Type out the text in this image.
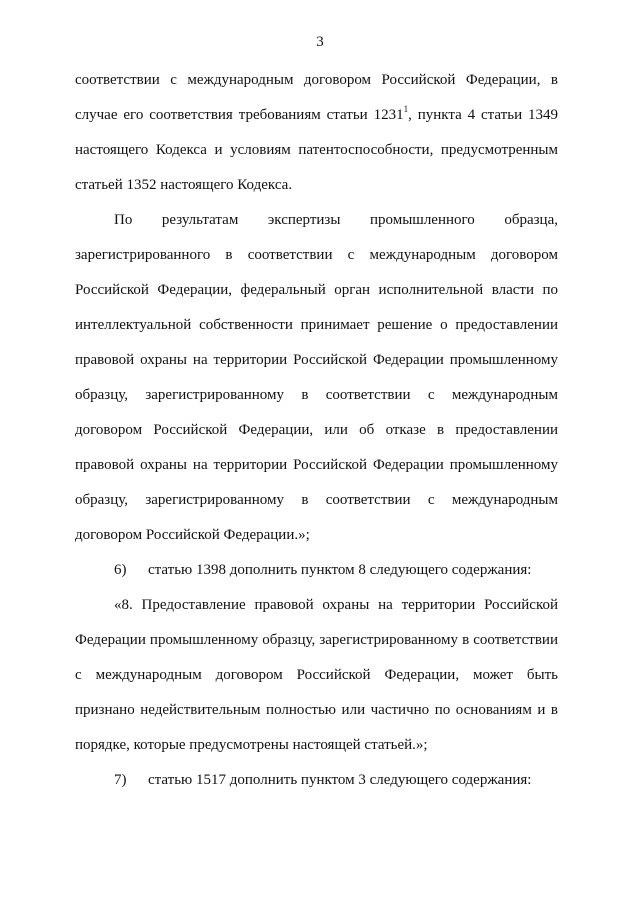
3
соответствии с международным договором Российской Федерации, в
случае его соответствия требованиям статьи 1231$^1$, пункта 4 статьи 1349
настоящего Кодекса и условиям патентоспособности, предусмотренным
статьей 1352 настоящего Кодекса.
По результатам экспертизы промышленного образца,
зарегистрированного в соответствии с международным договором
Российской Федерации, федеральный орган исполнительной власти по
интеллектуальной собственности принимает решение о предоставлении
правовой охраны на территории Российской Федерации промышленному
образцу, зарегистрированному в соответствии с международным
договором Российской Федерации, или об отказе в предоставлении
правовой охраны на территории Российской Федерации промышленному
образцу, зарегистрированному в соответствии с международным
договором Российской Федерации.»;
6) статью 1398 дополнить пунктом 8 следующего содержания:
«8. Предоставление правовой охраны на территории Российской
Федерации промышленному образцу, зарегистрированному в соответствии
с международным договором Российской Федерации, может быть
признано недействительным полностью или частично по основаниям и в
порядке, которые предусмотрены настоящей статьей.»;
7) статью 1517 дополнить пунктом 3 следующего содержания:
